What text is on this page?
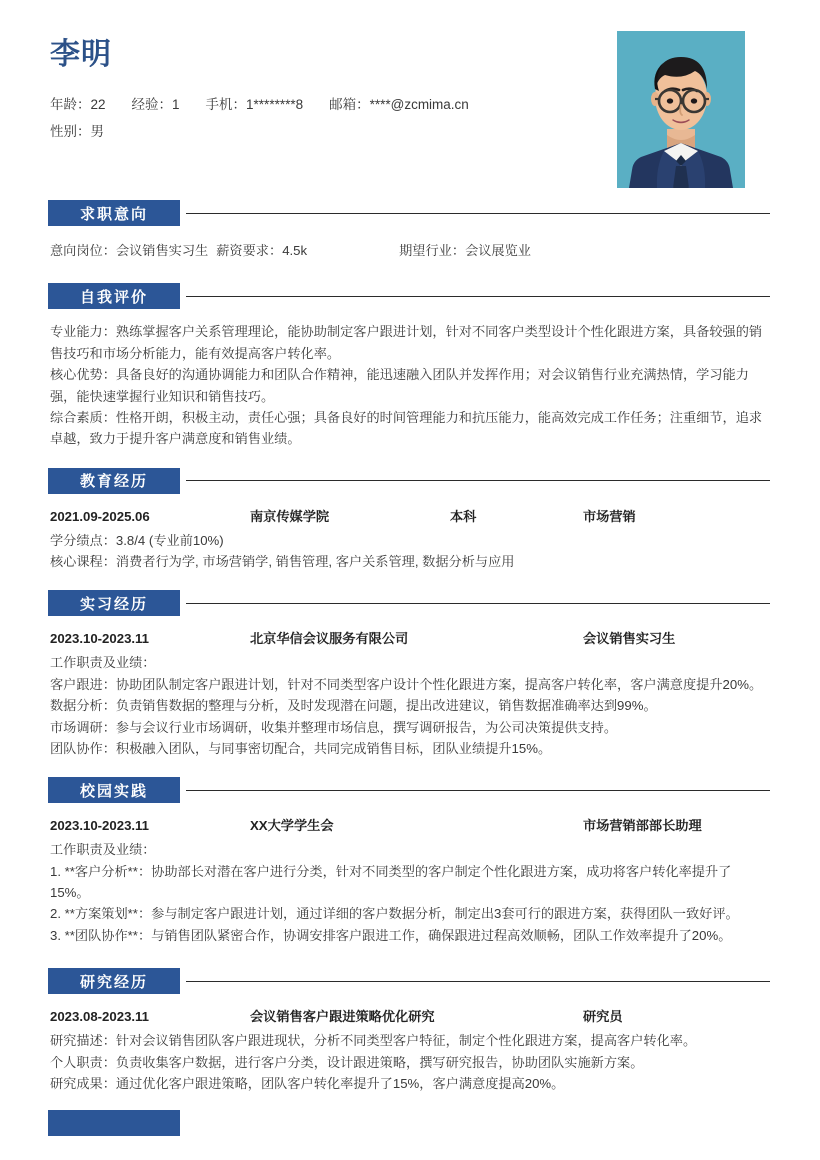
李明
年龄：22 经验：1 手机：1********8 邮箱：****@zcmima.cn
性别：男
求职意向
意向岗位：会议销售实习生 薪资要求：4.5k	期望行业：会议展览业
自我评价

专业能力：熟练掌握客户关系管理理论，能协助制定客户跟进计划，针对不同客户类型设计个性化跟进方案，具备较强的销售技巧和市场分析能力，能有效提高客户转化率。

核心优势：具备良好的沟通协调能力和团队合作精神，能迅速融入团队并发挥作用；对会议销售行业充满热情，学习能力强，能快速掌握行业知识和销售技巧。

综合素质：性格开朗，积极主动，责任心强；具备良好的时间管理能力和抗压能力，能高效完成工作任务；注重细节，追求卓越，致力于提升客户满意度和销售业绩。

教育经历
2021.09-2025.06	南京传媒学院	本科	市场营销

学分绩点：3.8/4 (专业前10%)

核心课程：消费者行为学, 市场营销学, 销售管理, 客户关系管理, 数据分析与应用

实习经历
2023.10-2023.11	北京华信会议服务有限公司	会议销售实习生

工作职责及业绩：

客户跟进：协助团队制定客户跟进计划，针对不同类型客户设计个性化跟进方案，提高客户转化率，客户满意度提升20%。

数据分析：负责销售数据的整理与分析，及时发现潜在问题，提出改进建议，销售数据准确率达到99%。

市场调研：参与会议行业市场调研，收集并整理市场信息，撰写调研报告，为公司决策提供支持。

团队协作：积极融入团队，与同事密切配合，共同完成销售目标，团队业绩提升15%。

校园实践
2023.10-2023.11	XX大学学生会	市场营销部部长助理

工作职责及业绩：

1. **客户分析**：协助部长对潜在客户进行分类，针对不同类型的客户制定个性化跟进方案，成功将客户转化率提升了15%。

2. **方案策划**：参与制定客户跟进计划，通过详细的客户数据分析，制定出3套可行的跟进方案，获得团队一致好评。

3. **团队协作**：与销售团队紧密合作，协调安排客户跟进工作，确保跟进过程高效顺畅，团队工作效率提升了20%。

研究经历
2023.08-2023.11	会议销售客户跟进策略优化研究	研究员

研究描述：针对会议销售团队客户跟进现状，分析不同类型客户特征，制定个性化跟进方案，提高客户转化率。

个人职责：负责收集客户数据，进行客户分类，设计跟进策略，撰写研究报告，协助团队实施新方案。

研究成果：通过优化客户跟进策略，团队客户转化率提升了15%，客户满意度提高20%。
